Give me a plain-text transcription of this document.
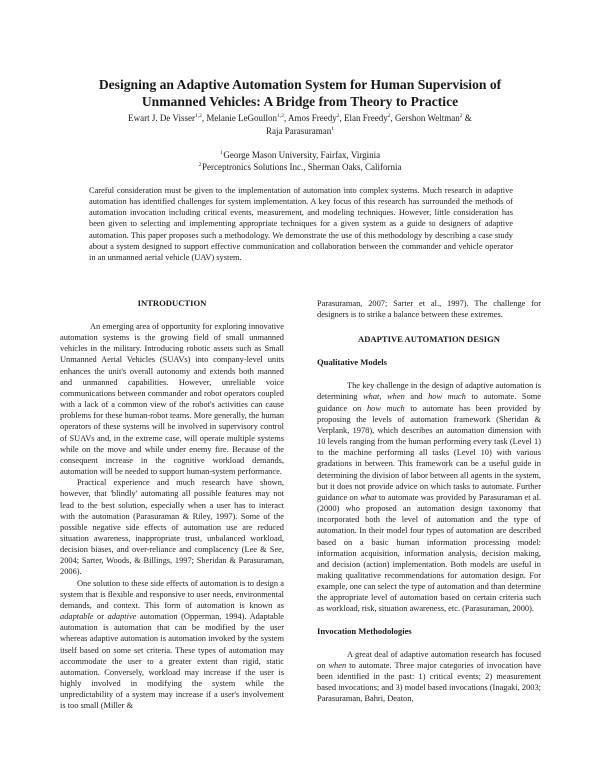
Designing an Adaptive Automation System for Human Supervision of
Unmanned Vehicles: A Bridge from Theory to Practice
Ewart J. De Visser$^{1,2}$, Melanie LeGoullon$^{1,2}$, Amos Freedy$^2$, Elan Freedy$^2$, Gershon Weltman$^2$ &
Raja Parasuraman$^1$
$^1$ George Mason University, Fairfax, Virginia
$^2$ Perceptronics Solutions Inc., Sherman Oaks, California

Careful consideration must be given to the implementation of automation into complex systems. Much research in adaptive automation has identified challenges for system implementation. A key focus of this research has surrounded the methods of automation invocation including critical events, measurement, and modeling techniques. However, little consideration has been given to selecting and implementing appropriate techniques for a given system as a guide to designers of adaptive automation. This paper proposes such a methodology. We demonstrate the use of this methodology by describing a case study about a system designed to support effective communication and collaboration between the commander and vehicle operator in an unmanned aerial vehicle (UAV) system.

INTRODUCTION

An emerging area of opportunity for exploring innovative automation systems is the growing field of small unmanned vehicles in the military. Introducing robotic assets such as Small Unmanned Aerial Vehicles (SUAVs) into company-level units enhances the unit's overall autonomy and extends both manned and unmanned capabilities. However, unreliable voice communications between commander and robot operators coupled with a lack of a common view of the robot's activities can cause problems for these human-robot teams. More generally, the human operators of these systems will be involved in supervisory control of SUAVs and, in the extreme case, will operate multiple systems while on the move and while under enemy fire. Because of the consequent increase in the cognitive workload demands, automation will be needed to support human-system performance.

Practical experience and much research have shown, however, that 'blindly' automating all possible features may not lead to the best solution, especially when a user has to interact with the automation (Parasuraman & Riley, 1997). Some of the possible negative side effects of automation use are reduced situation awareness, inappropriate trust, unbalanced workload, decision biases, and over-reliance and complacency (Lee & See, 2004; Sarter, Woods, & Billings, 1997; Sheridan & Parasuraman, 2006).

One solution to these side effects of automation is to design a system that is flexible and responsive to user needs, environmental demands, and context. This form of automation is known as adaptable or adaptive automation (Opperman, 1994). Adaptable automation is automation that can be modified by the user whereas adaptive automation is automation invoked by the system itself based on some set criteria. These types of automation may accommodate the user to a greater extent than rigid, static automation. Conversely, workload may increase if the user is highly involved in modifying the system while the unpredictability of a system may increase if a user's involvement is too small (Miller &

Parasuraman, 2007; Sarter et al., 1997). The challenge for designers is to strike a balance between these extremes.

ADAPTIVE AUTOMATION DESIGN
Qualitative Models

The key challenge in the design of adaptive automation is determining what, when and how much to automate. Some guidance on how much to automate has been provided by proposing the levels of automation framework (Sheridan & Verplank, 1978), which describes an automation dimension with 10 levels ranging from the human performing every task (Level 1) to the machine performing all tasks (Level 10) with various gradations in between. This framework can be a useful guide in determining the division of labor between all agents in the system, but it does not provide advice on which tasks to automate. Further guidance on what to automate was provided by Parasuraman et al. (2000) who proposed an automation design taxonomy that incorporated both the level of automation and the type of automation. In their model four types of automation are described based on a basic human information processing model: information acquisition, information analysis, decision making, and decision (action) implementation. Both models are useful in making qualitative recommendations for automation design. For example, one can select the type of automation and than determine the appropriate level of automation based on certain criteria such as workload, risk, situation awareness, etc. (Parasuraman, 2000).

Invocation Methodologies

A great deal of adaptive automation research has focused on when to automate. Three major categories of invocation have been identified in the past: 1) critical events; 2) measurement based invocations; and 3) model based invocations (Inagaki, 2003; Parasuraman, Bahri, Deaton,
